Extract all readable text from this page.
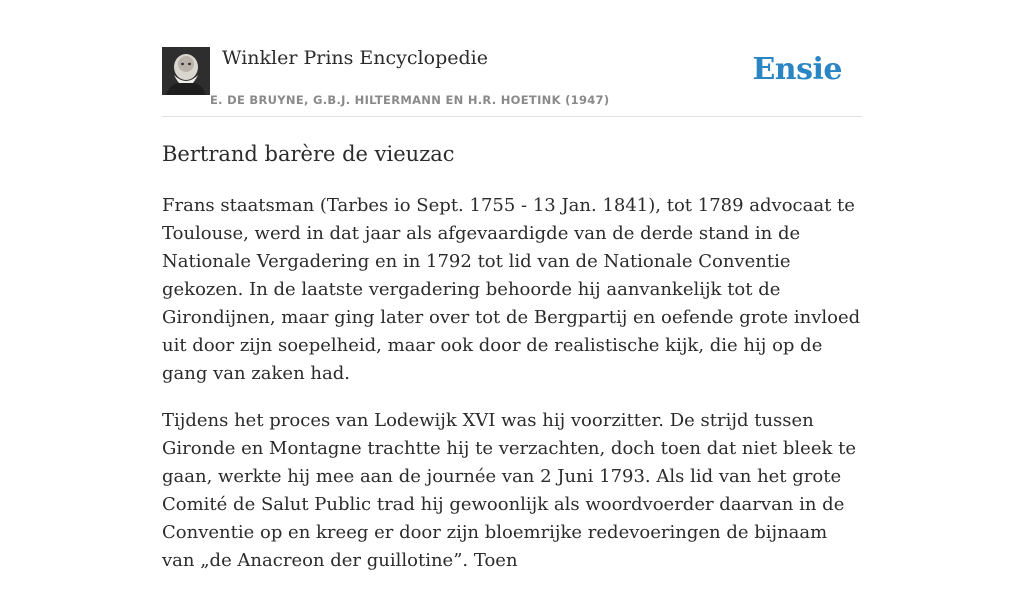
Winkler Prins Encyclopedie
E. DE BRUYNE, G.B.J. HILTERMANN EN H.R. HOETINK (1947)
Ensie
Bertrand barère de vieuzac

Frans staatsman (Tarbes io Sept. 1755 - 13 Jan. 1841), tot 1789 advocaat te Toulouse, werd in dat jaar als afgevaardigde van de derde stand in de Nationale Vergadering en in 1792 tot lid van de Nationale Conventie gekozen. In de laatste vergadering behoorde hij aanvankelijk tot de Girondijnen, maar ging later over tot de Bergpartij en oefende grote invloed uit door zijn soepelheid, maar ook door de realistische kijk, die hij op de gang van zaken had.

Tijdens het proces van Lodewijk XVI was hij voorzitter. De strijd tussen Gironde en Montagne trachtte hij te verzachten, doch toen dat niet bleek te gaan, werkte hij mee aan de journée van 2 Juni 1793. Als lid van het grote Comité de Salut Public trad hij gewoonlijk als woordvoerder daarvan in de Conventie op en kreeg er door zijn bloemrijke redevoeringen de bijnaam van „de Anacreon der guillotine”. Toen
